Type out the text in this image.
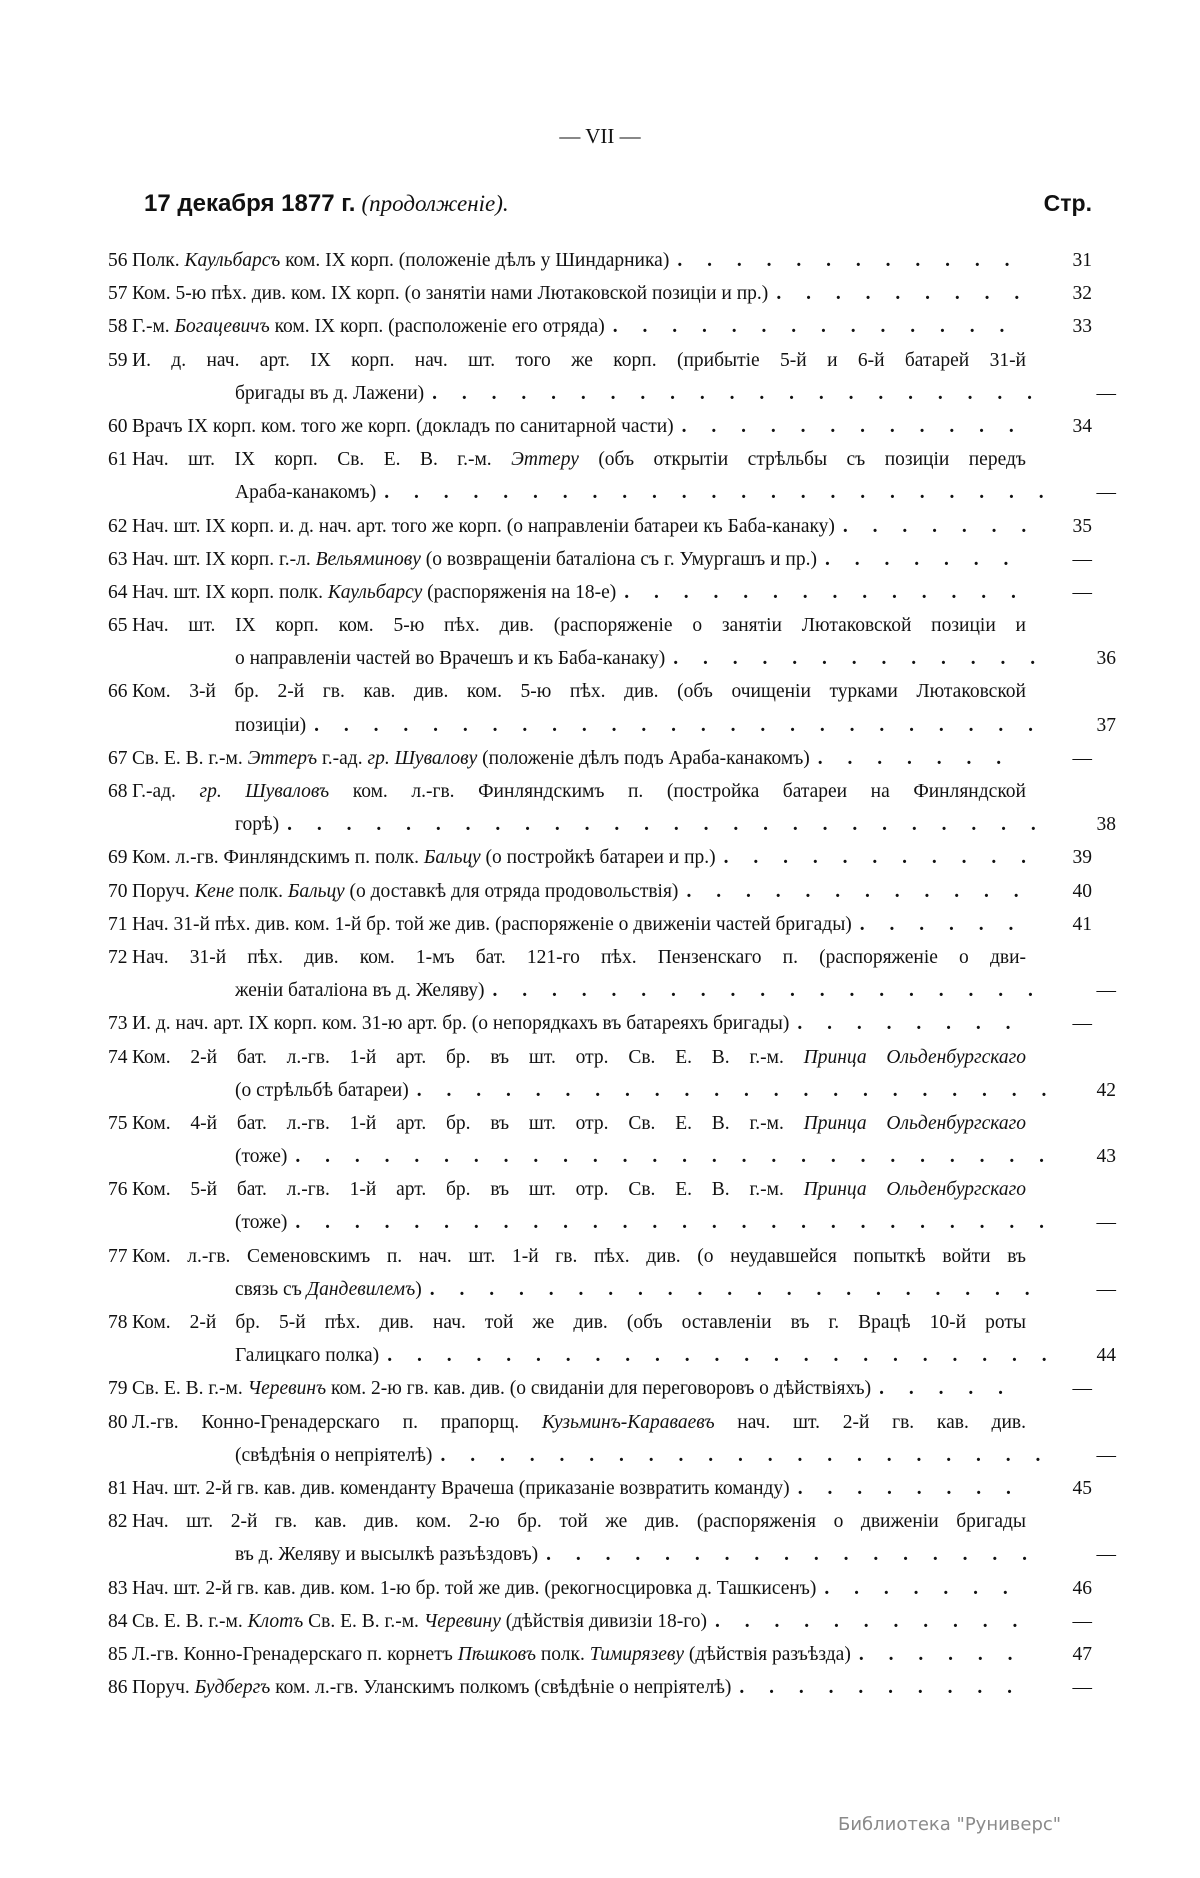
— VII —
17 декабря 1877 г. (продолженіе).	Стр.
56 Полк. Каульбарсъ ком. IX корп. (положеніе дѣлъ у Шиндарника) . . .	31
57 Ком. 5-ю пѣх. див. ком. IX корп. (о занятіи нами Лютаковской позиціи и пр.) . . .	32
58 Г.-м. Богацевичъ ком. IX корп. (расположеніе его отряда) . . .	33
59 И. д. нач. арт. IX корп. нач. шт. того же корп. (прибытіе 5-й и 6-й батарей 31-й
бригады въ д. Лажени) . . .	—
60 Врачъ IX корп. ком. того же корп. (докладъ по санитарной части) . . .	34
61 Нач. шт. IX корп. Св. Е. В. г.-м. Эттеру (объ открытіи стрѣльбы съ позиціи передъ
Араба-канакомъ) . . .	—
62 Нач. шт. IX корп. и. д. нач. арт. того же корп. (о направленіи батареи къ Баба-канаку) . . .	35
63 Нач. шт. IX корп. г.-л. Вельяминову (о возвращеніи баталіона съ г. Умургашъ и пр.) . . .	—
64 Нач. шт. IX корп. полк. Каульбарсу (распоряженія на 18-е) . . .	—
65 Нач. шт. IX корп. ком. 5-ю пѣх. див. (распоряженіе о занятіи Лютаковской позиціи и
о направленіи частей во Врачешъ и къ Баба-канаку) . . .	36
66 Ком. 3-й бр. 2-й гв. кав. див. ком. 5-ю пѣх. див. (объ очищеніи турками Лютаковской
позиціи) . . .	37
67 Св. Е. В. г.-м. Эттеръ г.-ад. гр. Шувалову (положеніе дѣлъ подъ Араба-канакомъ) . . .	—
68 Г.-ад. гр. Шуваловъ ком. л.-гв. Финляндскимъ п. (постройка батареи на Финляндской
горѣ) . . .	38
69 Ком. л.-гв. Финляндскимъ п. полк. Бальцу (о постройкѣ батареи и пр.) . . .	39
70 Поруч. Кене полк. Бальцу (о доставкѣ для отряда продовольствія) . . .	40
71 Нач. 31-й пѣх. див. ком. 1-й бр. той же див. (распоряженіе о движеніи частей бригады) . . .	41
72 Нач. 31-й пѣх. див. ком. 1-мъ бат. 121-го пѣх. Пензенскаго п. (распоряженіе о дви-
женіи баталіона въ д. Желяву) . . .	—
73 И. д. нач. арт. IX корп. ком. 31-ю арт. бр. (о непорядкахъ въ батареяхъ бригады) . . .	—
74 Ком. 2-й бат. л.-гв. 1-й арт. бр. въ шт. отр. Св. Е. В. г.-м. Принца Ольденбургскаго
(о стрѣльбѣ батареи) . . .	42
75 Ком. 4-й бат. л.-гв. 1-й арт. бр. въ шт. отр. Св. Е. В. г.-м. Принца Ольденбургскаго
(тоже) . . .	43
76 Ком. 5-й бат. л.-гв. 1-й арт. бр. въ шт. отр. Св. Е. В. г.-м. Принца Ольденбургскаго
(тоже) . . .	—
77 Ком. л.-гв. Семеновскимъ п. нач. шт. 1-й гв. пѣх. див. (о неудавшейся попыткѣ войти въ
связь съ Дандевилемъ) . . .	—
78 Ком. 2-й бр. 5-й пѣх. див. нач. той же див. (объ оставленіи въ г. Врацѣ 10-й роты
Галицкаго полка) . . .	44
79 Св. Е. В. г.-м. Черевинъ ком. 2-ю гв. кав. див. (о свиданіи для переговоровъ о дѣйствіяхъ) . . .	—
80 Л.-гв. Конно-Гренадерскаго п. прапорщ. Кузьминъ-Караваевъ нач. шт. 2-й гв. кав. див.
(свѣдѣнія о непріятелѣ) . . .	—
81 Нач. шт. 2-й гв. кав. див. коменданту Врачеша (приказаніе возвратить команду) . . .	45
82 Нач. шт. 2-й гв. кав. див. ком. 2-ю бр. той же див. (распоряженія о движеніи бригады
въ д. Желяву и высылкѣ разъѣздовъ) . . .	—
83 Нач. шт. 2-й гв. кав. див. ком. 1-ю бр. той же див. (рекогносцировка д. Ташкисенъ) . . .	46
84 Св. Е. В. г.-м. Клотъ Св. Е. В. г.-м. Черевину (дѣйствія дивизіи 18-го) . . .	—
85 Л.-гв. Конно-Гренадерскаго п. корнетъ Пѣшковъ полк. Тимирязеву (дѣйствія разъѣзда) . . .	47
86 Поруч. Будбергъ ком. л.-гв. Уланскимъ полкомъ (свѣдѣніе о непріятелѣ) . . .	—
Библиотека "Руниверс"
